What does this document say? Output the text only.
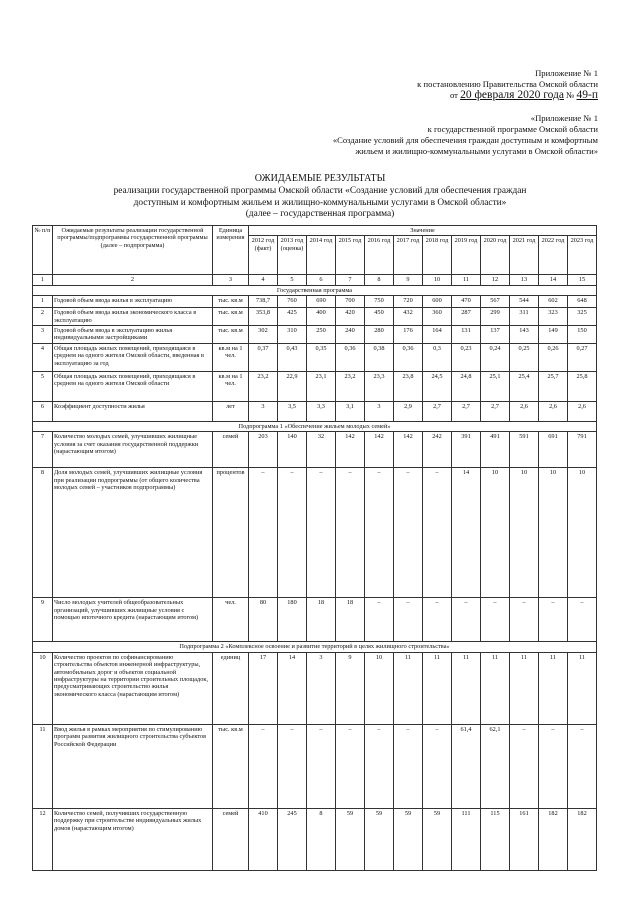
Приложение № 1
к постановлению Правительства Омской области
от 20 февраля 2020 года № 49-п
«Приложение № 1
к государственной программе Омской области
«Создание условий для обеспечения граждан доступным и комфортным
жильем и жилищно-коммунальными услугами в Омской области»
ОЖИДАЕМЫЕ РЕЗУЛЬТАТЫ
реализации государственной программы Омской области «Создание условий для обеспечения граждан
доступным и комфортным жильем и жилищно-коммунальными услугами в Омской области»
(далее – государственная программа)
№ п/п	Ожидаемые результаты реализации государственной программы/подпрограммы государственной программы (далее – подпрограмма)	Единица измерения	Значение											
			2012 год (факт)	2013 год (оценка)	2014 год	2015 год	2016 год	2017 год	2018 год	2019 год	2020 год	2021 год	2022 год	2023 год
1	2	3	4	5	6	7	8	9	10	11	12	13	14	15
Государственная программа														
1	Годовой объем ввода жилья в эксплуатацию	тыс. кв.м	738,7	760	690	700	750	720	600	470	567	544	602	648
2	Годовой объем ввода жилья экономического класса в эксплуатацию	тыс. кв.м	353,8	425	400	420	450	432	360	287	299	311	323	325
3	Годовой объем ввода в эксплуатацию жилья индивидуальными застройщиками	тыс. кв.м	302	310	250	240	280	176	164	131	137	143	149	150
4	Общая площадь жилых помещений, приходящаяся в среднем на одного жителя Омской области, введенная в эксплуатацию за год	кв.м на 1 чел.	0,37	0,43	0,35	0,36	0,38	0,36	0,3	0,23	0,24	0,25	0,26	0,27
5	Общая площадь жилых помещений, приходящаяся в среднем на одного жителя Омской области	кв.м на 1 чел.	23,2	22,9	23,1	23,2	23,3	23,8	24,5	24,8	25,1	25,4	25,7	25,8
6	Коэффициент доступности жилья	лет	3	3,5	3,3	3,1	3	2,9	2,7	2,7	2,7	2,6	2,6	2,6
Подпрограмма 1 «Обеспечение жильем молодых семей»														
7	Количество молодых семей, улучшивших жилищные условия за счет оказания государственной поддержки (нарастающим итогом)	семей	203	140	32	142	142	142	242	391	491	591	691	791
8	Доля молодых семей, улучшивших жилищные условия при реализации подпрограммы (от общего количества молодых семей – участников подпрограммы)	процентов	–	–	–	–	–	–	–	14	10	10	10	10
9	Число молодых учителей общеобразовательных организаций, улучшивших жилищные условия с помощью ипотечного кредита (нарастающим итогом)	чел.	80	180	18	18	–	–	–	–	–	–	–	–
Подпрограмма 2 «Комплексное освоение и развитие территорий в целях жилищного строительства»														
10	Количество проектов по софинансированию строительства объектов инженерной инфраструктуры, автомобильных дорог и объектов социальной инфраструктуры на территории строительных площадок, предусматривающих строительство жилья экономического класса (нарастающим итогом)	единиц	17	14	3	9	10	11	11	11	11	11	11	11
11	Ввод жилья в рамках мероприятия по стимулированию программ развития жилищного строительства субъектов Российской Федерации	тыс. кв.м	–	–	–	–	–	–	–	61,4	62,1	–	–	–
12	Количество семей, получивших государственную поддержку при строительстве индивидуальных жилых домов (нарастающим итогом)	семей	410	245	8	59	59	59	59	111	115	161	182	182
